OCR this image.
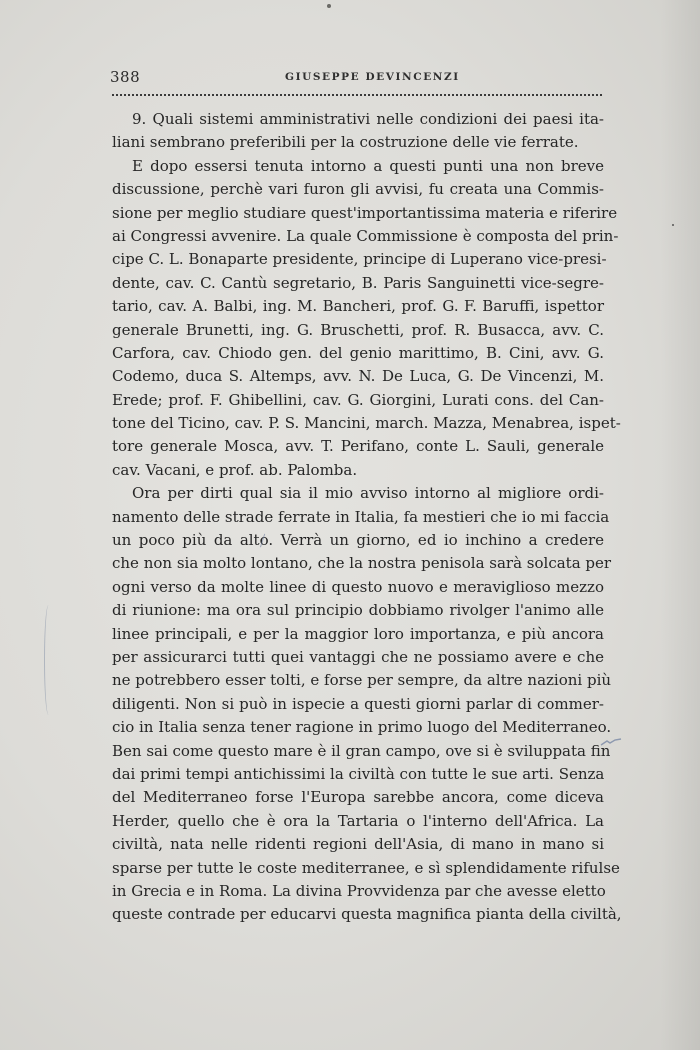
388	GIUSEPPE DEVINCENZI
9. Quali sistemi amministrativi nelle condizioni dei paesi ita-
liani sembrano preferibili per la costruzione delle vie ferrate.
E dopo essersi tenuta intorno a questi punti una non breve
discussione, perchè vari furon gli avvisi, fu creata una Commis-
sione per meglio studiare quest'importantissima materia e riferire
ai Congressi avvenire. La quale Commissione è composta del prin-
cipe C. L. Bonaparte presidente, principe di Luperano vice-presi-
dente, cav. C. Cantù segretario, B. Paris Sanguinetti vice-segre-
tario, cav. A. Balbi, ing. M. Bancheri, prof. G. F. Baruffi, ispettor
generale Brunetti, ing. G. Bruschetti, prof. R. Busacca, avv. C.
Carfora, cav. Chiodo gen. del genio marittimo, B. Cini, avv. G.
Codemo, duca S. Altemps, avv. N. De Luca, G. De Vincenzi, M.
Erede; prof. F. Ghibellini, cav. G. Giorgini, Lurati cons. del Can-
tone del Ticino, cav. P. S. Mancini, march. Mazza, Menabrea, ispet-
tore generale Mosca, avv. T. Perifano, conte L. Sauli, generale
cav. Vacani, e prof. ab. Palomba.
Ora per dirti qual sia il mio avviso intorno al migliore ordi-
namento delle strade ferrate in Italia, fa mestieri che io mi faccia
un poco più da alto. Verrà un giorno, ed io inchino a credere
che non sia molto lontano, che la nostra penisola sarà solcata per
ogni verso da molte linee di questo nuovo e meraviglioso mezzo
di riunione: ma ora sul principio dobbiamo rivolger l'animo alle
linee principali, e per la maggior loro importanza, e più ancora
per assicurarci tutti quei vantaggi che ne possiamo avere e che
ne potrebbero esser tolti, e forse per sempre, da altre nazioni più
diligenti. Non si può in ispecie a questi giorni parlar di commer-
cio in Italia senza tener ragione in primo luogo del Mediterraneo.
Ben sai come questo mare è il gran campo, ove si è sviluppata fin
dai primi tempi antichissimi la civiltà con tutte le sue arti. Senza
del Mediterraneo forse l'Europa sarebbe ancora, come diceva
Herder, quello che è ora la Tartaria o l'interno dell'Africa. La
civiltà, nata nelle ridenti regioni dell'Asia, di mano in mano si
sparse per tutte le coste mediterranee, e sì splendidamente rifulse
in Grecia e in Roma. La divina Provvidenza par che avesse eletto
queste contrade per educarvi questa magnifica pianta della civiltà,
